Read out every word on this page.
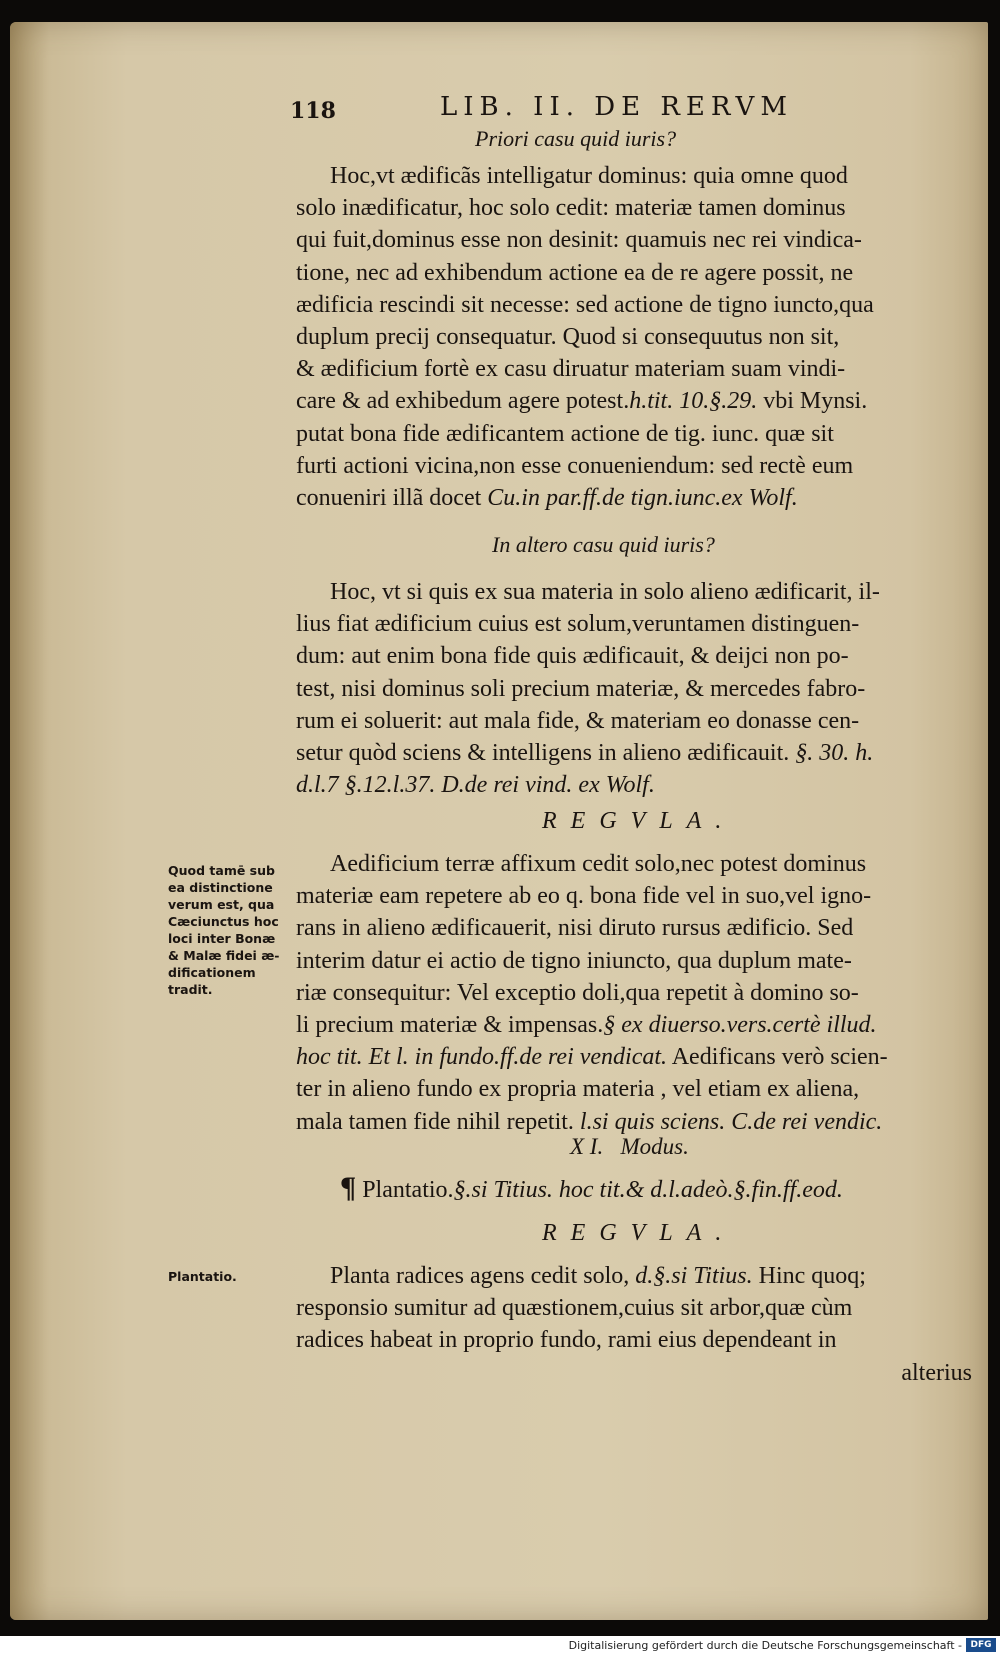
118	LIB. II. DE RERVM
Priori casu quid iuris?
Hoc,vt ædificãs intelligatur dominus: quia omne quod
solo inædificatur, hoc solo cedit: materiæ tamen dominus
qui fuit,dominus esse non desinit: quamuis nec rei vindica-
tione, nec ad exhibendum actione ea de re agere possit, ne
ædificia rescindi sit necesse: sed actione de tigno iuncto,qua
duplum precij consequatur. Quod si consequutus non sit,
& ædificium fortè ex casu diruatur materiam suam vindi-
care & ad exhibedum agere potest.h.tit. 10.§.29. vbi Mynsi.
putat bona fide ædificantem actione de tig. iunc. quæ sit
furti actioni vicina,non esse conueniendum: sed rectè eum
conueniri illã docet Cu.in par.ff.de tign.iunc.ex Wolf.
In altero casu quid iuris?
Hoc, vt si quis ex sua materia in solo alieno ædificarit, il-
lius fiat ædificium cuius est solum,veruntamen distinguen-
dum: aut enim bona fide quis ædificauit, & deijci non po-
test, nisi dominus soli precium materiæ, & mercedes fabro-
rum ei soluerit: aut mala fide, & materiam eo donasse cen-
setur quòd sciens & intelligens in alieno ædificauit. §. 30. h.
d.l.7 §.12.l.37. D.de rei vind. ex Wolf.
REGVLA.
Quod tamē sub
ea distinctione
verum est, qua
Cæciunctus hoc
loci inter Bonæ
& Malæ fidei æ-
dificationem
tradit.
Aedificium terræ affixum cedit solo,nec potest dominus
materiæ eam repetere ab eo q. bona fide vel in suo,vel igno-
rans in alieno ædificauerit, nisi diruto rursus ædificio. Sed
interim datur ei actio de tigno iniuncto, qua duplum mate-
riæ consequitur: Vel exceptio doli,qua repetit à domino so-
li precium materiæ & impensas.§ ex diuerso.vers.certè illud.
hoc tit. Et l. in fundo.ff.de rei vendicat. Aedificans verò scien-
ter in alieno fundo ex propria materia , vel etiam ex aliena,
mala tamen fide nihil repetit. l.si quis sciens. C.de rei vendic.
X I.   Modus.
¶ Plantatio.§.si Titius. hoc tit.& d.l.adeò.§.fin.ff.eod.
REGVLA.
Plantatio.	Planta radices agens cedit solo, d.§.si Titius. Hinc quoq;
responsio sumitur ad quæstionem,cuius sit arbor,quæ cùm
radices habeat in proprio fundo, rami eius dependeant in
alterius
Digitalisierung gefördert durch die Deutsche Forschungsgemeinschaft - DFG
